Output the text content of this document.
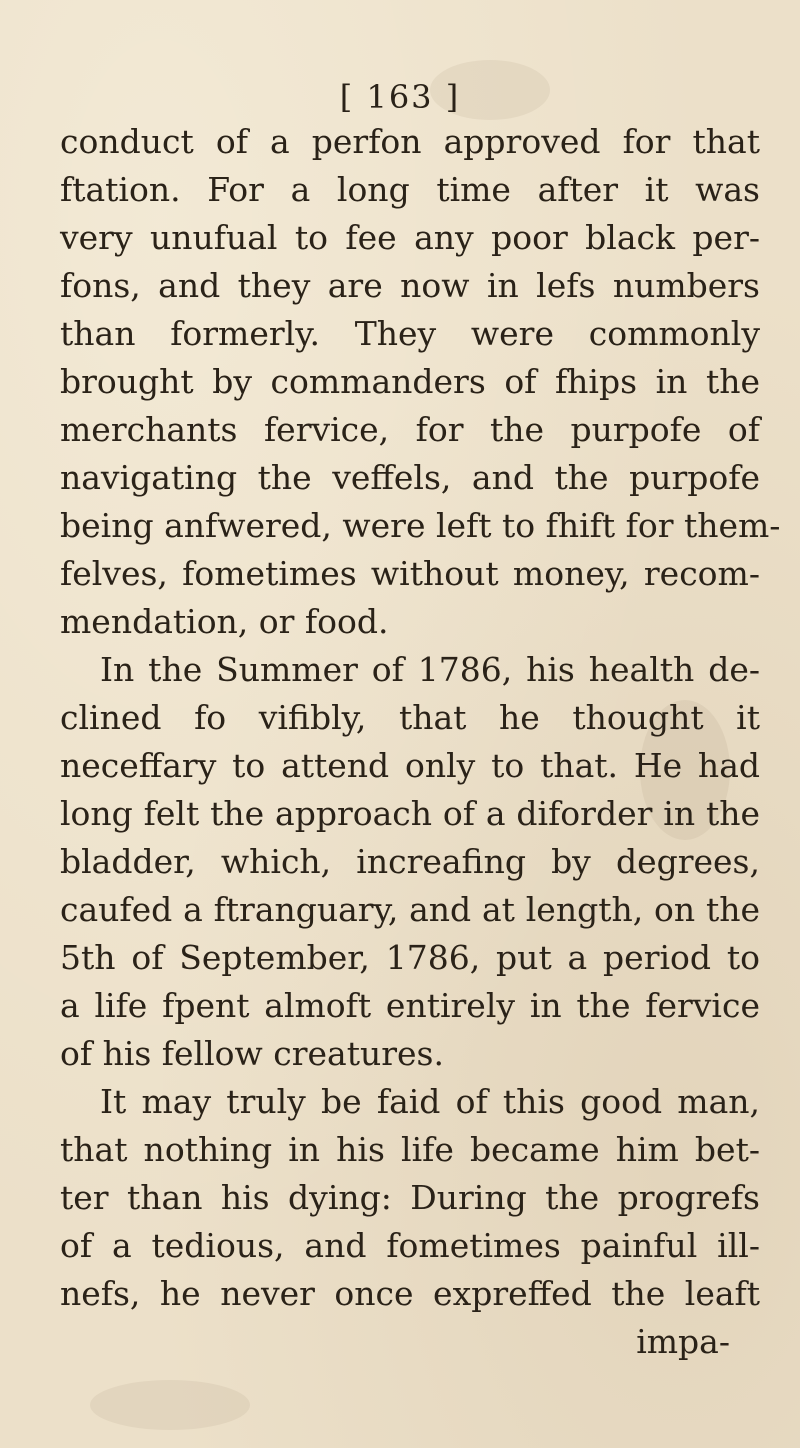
[ 163 ]
conduct of a perfon approved for that
ftation. For a long time after it was
very unufual to fee any poor black per-
fons, and they are now in lefs numbers
than formerly. They were commonly
brought by commanders of fhips in the
merchants fervice, for the purpofe of
navigating the veffels, and the purpofe
being anfwered, were left to fhift for them-
felves, fometimes without money, recom-
mendation, or food.
In the Summer of 1786, his health de-
clined fo vifibly, that he thought it
neceffary to attend only to that. He had
long felt the approach of a diforder in the
bladder, which, increafing by degrees,
caufed a ftranguary, and at length, on the
5th of September, 1786, put a period to
a life fpent almoft entirely in the fervice
of his fellow creatures.
It may truly be faid of this good man,
that nothing in his life became him bet-
ter than his dying: During the progrefs
of a tedious, and fometimes painful ill-
nefs, he never once expreffed the leaft
impa-
